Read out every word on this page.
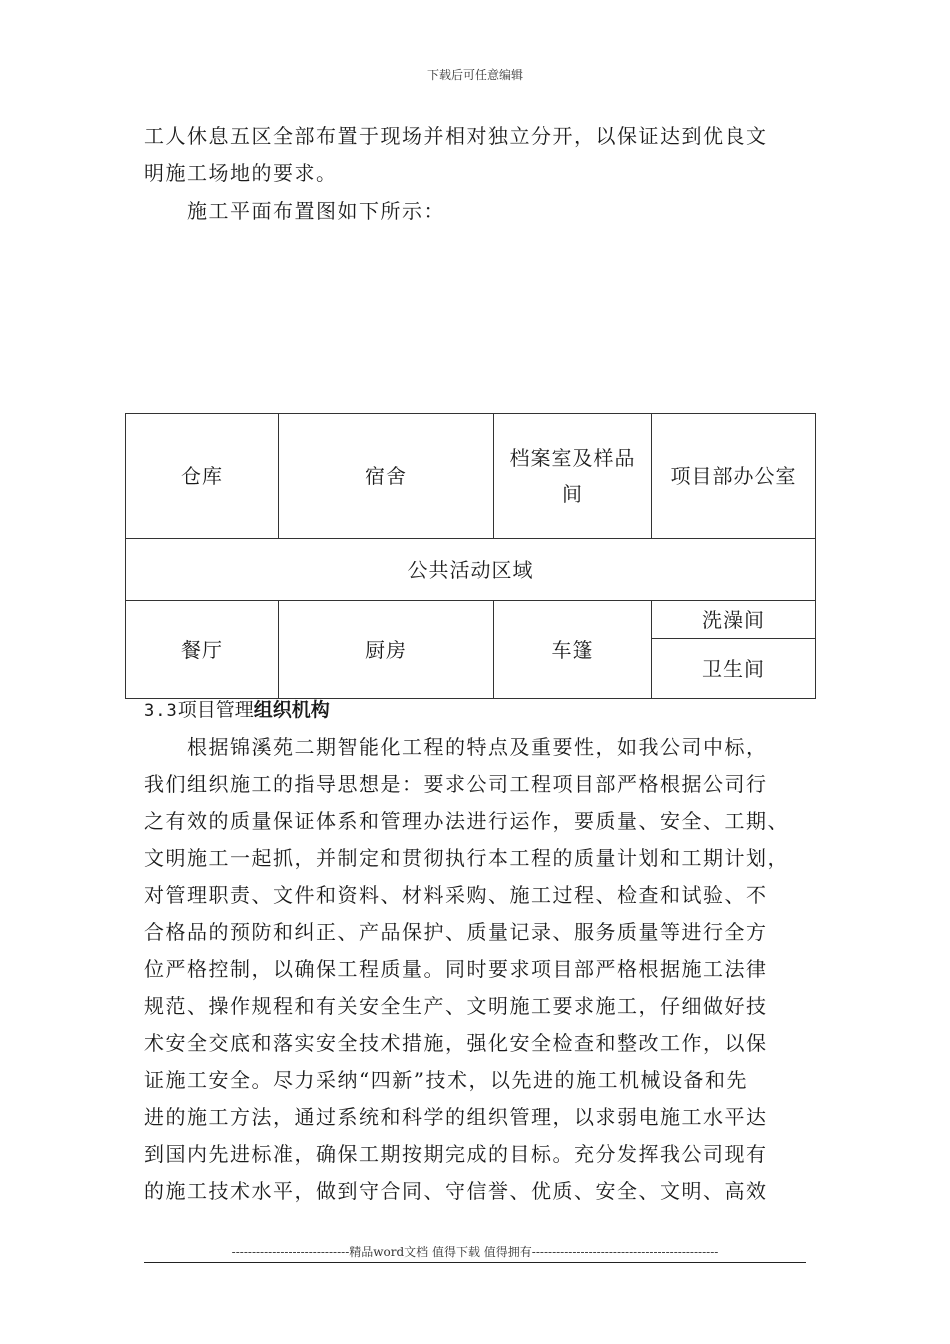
下载后可任意编辑
工人休息五区全部布置于现场并相对独立分开，以保证达到优良文
明施工场地的要求。
施工平面布置图如下所示：
仓库	宿舍	档案室及样品间	项目部办公室
公共活动区域			
餐厅	厨房	车篷	洗澡间
			卫生间
3.3项目管理组织机构
根据锦溪苑二期智能化工程的特点及重要性，如我公司中标，
我们组织施工的指导思想是：要求公司工程项目部严格根据公司行
之有效的质量保证体系和管理办法进行运作，要质量、安全、工期、
文明施工一起抓，并制定和贯彻执行本工程的质量计划和工期计划，
对管理职责、文件和资料、材料采购、施工过程、检查和试验、不
合格品的预防和纠正、产品保护、质量记录、服务质量等进行全方
位严格控制，以确保工程质量。同时要求项目部严格根据施工法律
规范、操作规程和有关安全生产、文明施工要求施工，仔细做好技
术安全交底和落实安全技术措施，强化安全检查和整改工作，以保
证施工安全。尽力采纳“四新”技术，以先进的施工机械设备和先
进的施工方法，通过系统和科学的组织管理，以求弱电施工水平达
到国内先进标准，确保工期按期完成的目标。充分发挥我公司现有
的施工技术水平，做到守合同、守信誉、优质、安全、文明、高效
-----------------------------精品word文档 值得下载 值得拥有----------------------------------------------
